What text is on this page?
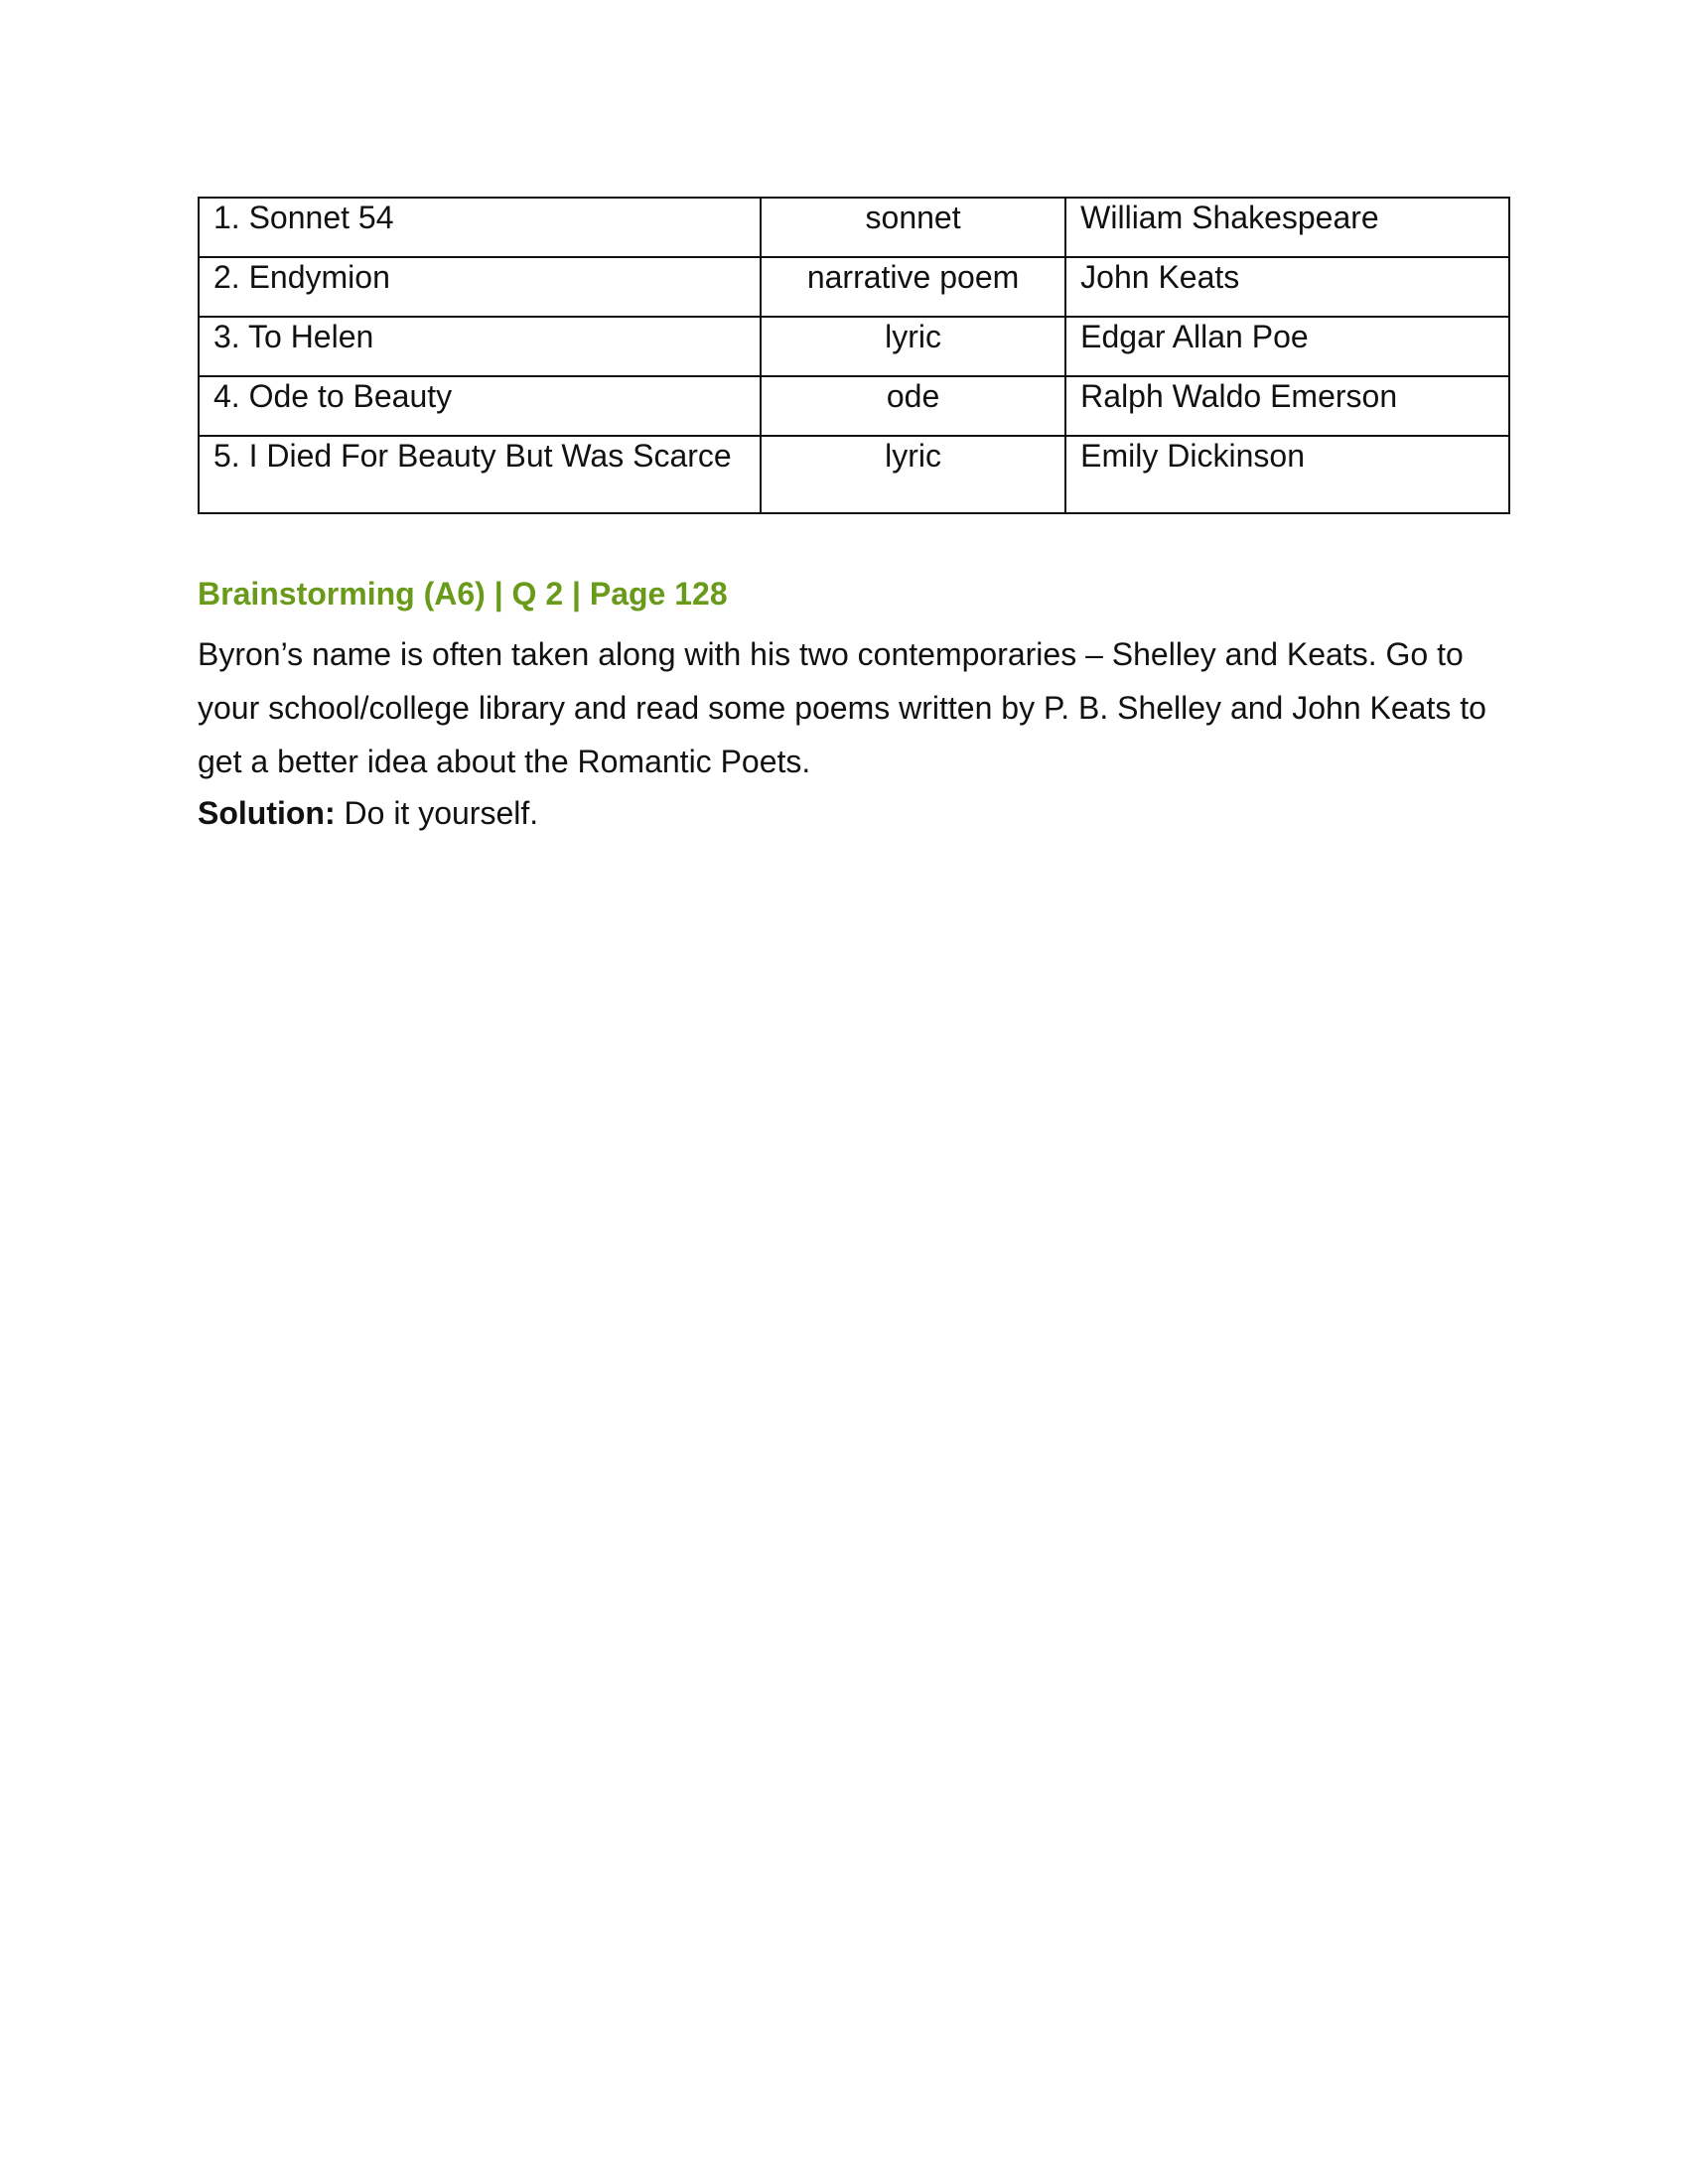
1. Sonnet 54	sonnet	William Shakespeare
2. Endymion	narrative poem	John Keats
3. To Helen	lyric	Edgar Allan Poe
4. Ode to Beauty	ode	Ralph Waldo Emerson
5. I Died For Beauty But Was Scarce	lyric	Emily Dickinson

Brainstorming (A6) | Q 2 | Page 128

Byron’s name is often taken along with his two contemporaries – Shelley and Keats. Go to your school/college library and read some poems written by P. B. Shelley and John Keats to get a better idea about the Romantic Poets.

Solution: Do it yourself.
